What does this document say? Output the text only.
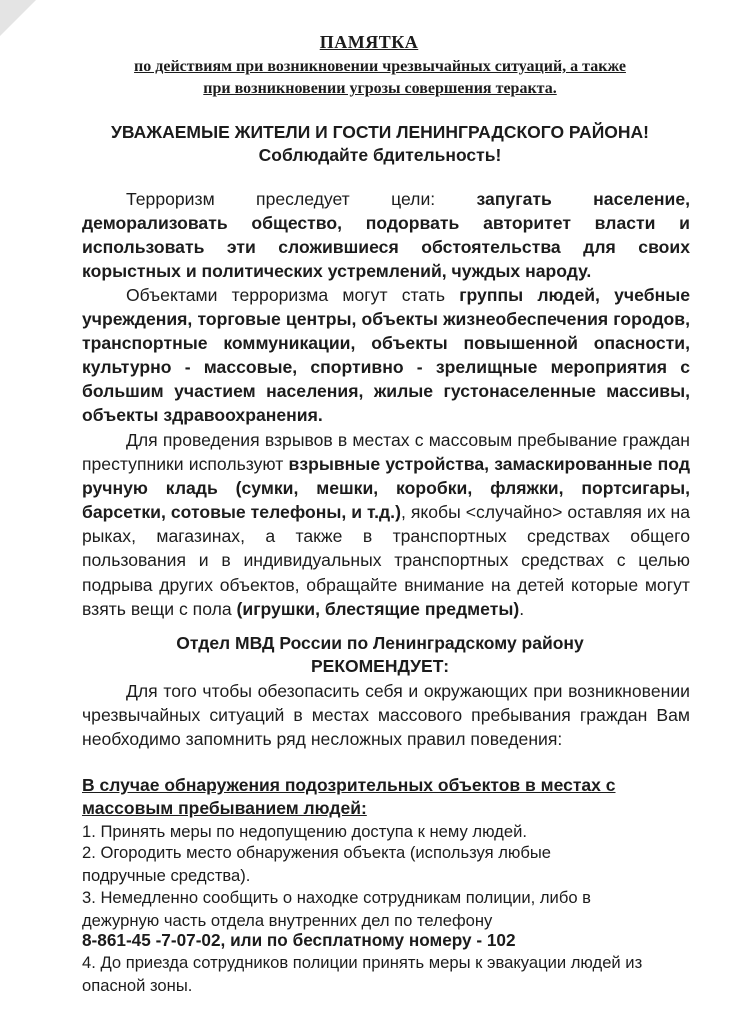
ПАМЯТКА
по действиям при возникновении чрезвычайных ситуаций, а также
при возникновении угрозы совершения теракта.
УВАЖАЕМЫЕ ЖИТЕЛИ И ГОСТИ ЛЕНИНГРАДСКОГО РАЙОНА!
Соблюдайте бдительность!

Терроризм преследует цели: запугать население, деморализовать общество, подорвать авторитет власти и использовать эти сложившиеся обстоятельства для своих корыстных и политических устремлений, чуждых народу.

Объектами терроризма могут стать группы людей, учебные учреждения, торговые центры, объекты жизнеобеспечения городов, транспортные коммуникации, объекты повышенной опасности, культурно - массовые, спортивно - зрелищные мероприятия с большим участием населения, жилые густонаселенные массивы, объекты здравоохранения.

Для проведения взрывов в местах с массовым пребывание граждан преступники используют взрывные устройства, замаскированные под ручную кладь (сумки, мешки, коробки, фляжки, портсигары, барсетки, сотовые телефоны, и т.д.), якобы <случайно> оставляя их на рыках, магазинах, а также в транспортных средствах общего пользования и в индивидуальных транспортных средствах с целью подрыва других объектов, обращайте внимание на детей которые могут взять вещи с пола (игрушки, блестящие предметы).

Отдел МВД России по Ленинградскому району
РЕКОМЕНДУЕТ:

Для того чтобы обезопасить себя и окружающих при возникновении чрезвычайных ситуаций в местах массового пребывания граждан Вам необходимо запомнить ряд несложных правил поведения:

В случае обнаружения подозрительных объектов в местах с
массовым пребыванием людей:
1. Принять меры по недопущению доступа к нему людей.
2. Огородить место обнаружения объекта (используя любые подручные средства).
3. Немедленно сообщить о находке сотрудникам полиции, либо в дежурную часть отдела внутренних дел по телефону
8-861-45 -7-07-02, или по бесплатному номеру - 102
4. До приезда сотрудников полиции принять меры к эвакуации людей из опасной зоны.
